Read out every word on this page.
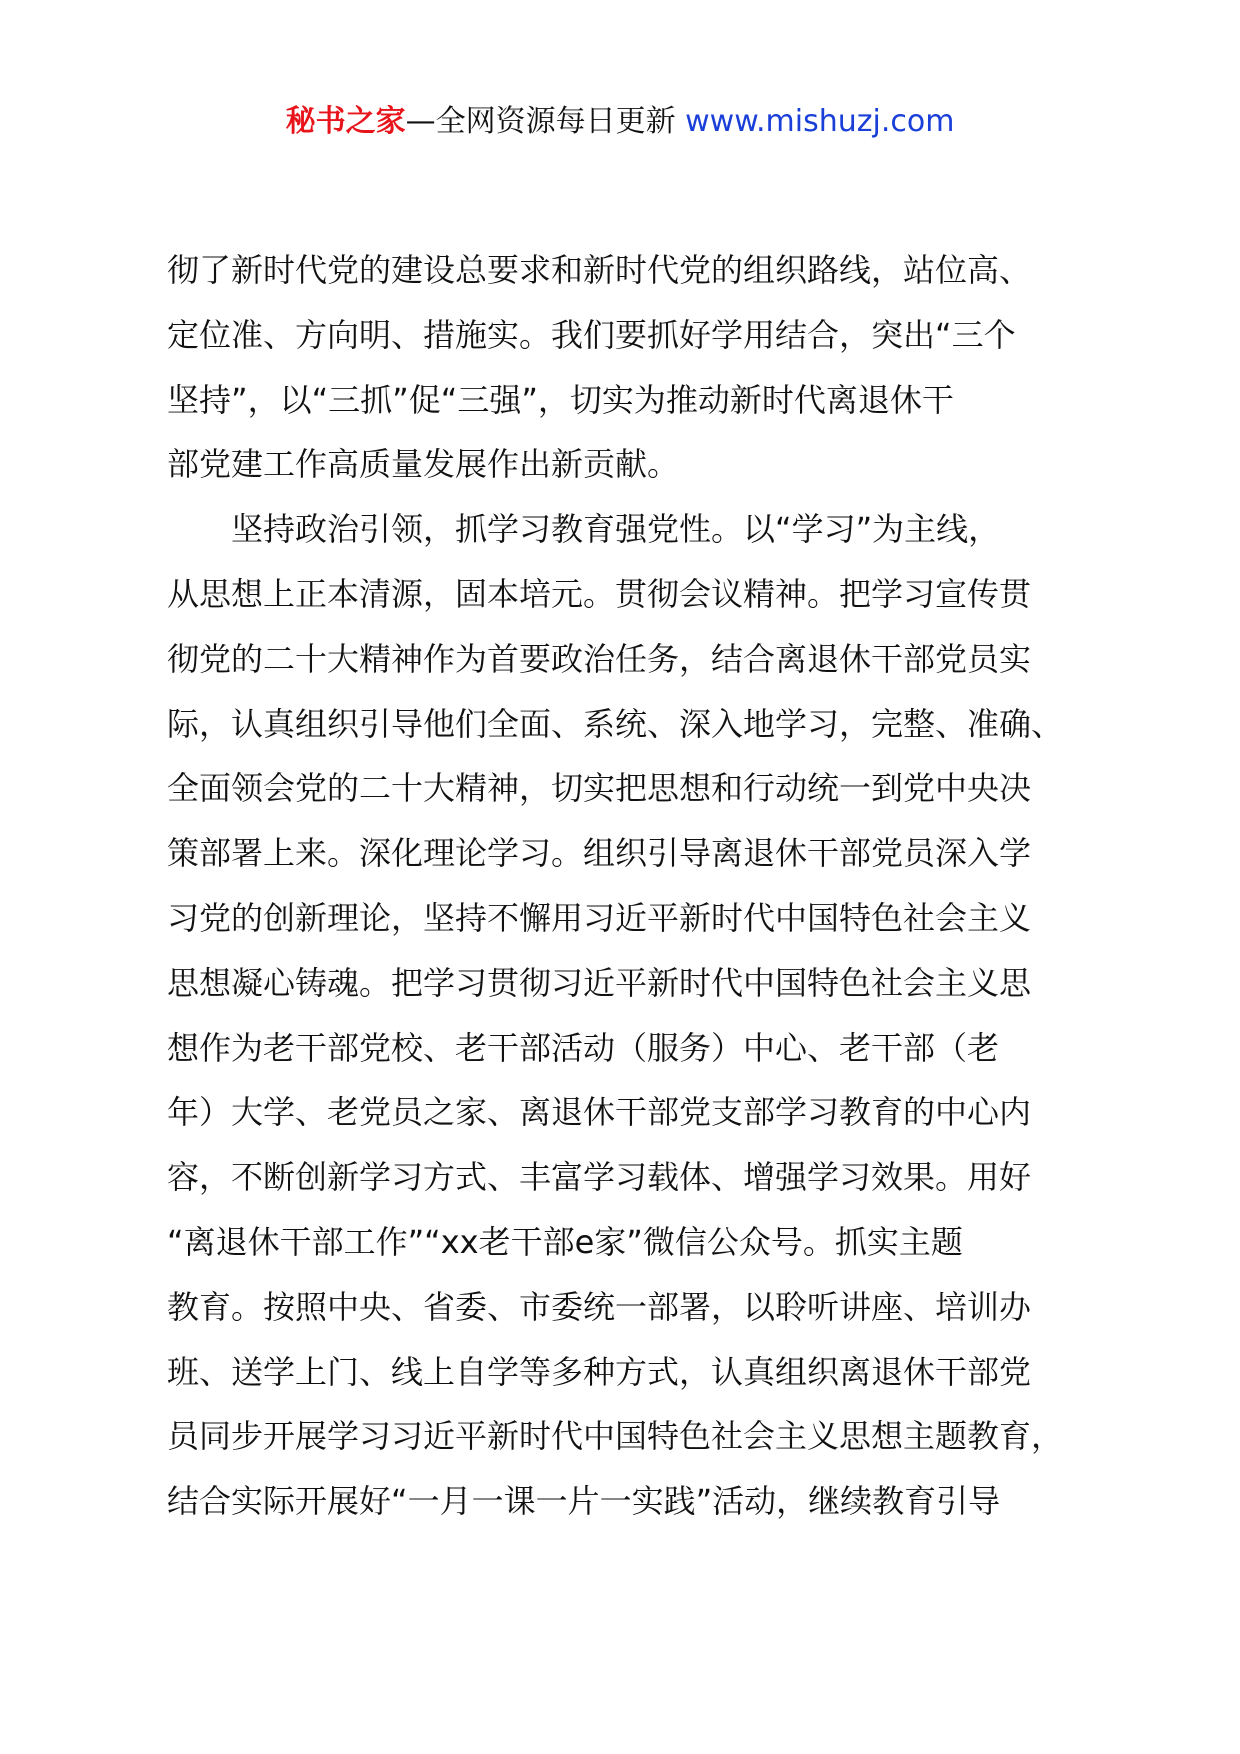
秘书之家—全网资源每日更新 www.mishuzj.com
彻了新时代党的建设总要求和新时代党的组织路线，站位高、
定位准、方向明、措施实。我们要抓好学用结合，突出“三个
坚持”，以“三抓”促“三强”，切实为推动新时代离退休干
部党建工作高质量发展作出新贡献。
坚持政治引领，抓学习教育强党性。以“学习”为主线，
从思想上正本清源，固本培元。贯彻会议精神。把学习宣传贯
彻党的二十大精神作为首要政治任务，结合离退休干部党员实
际，认真组织引导他们全面、系统、深入地学习，完整、准确、
全面领会党的二十大精神，切实把思想和行动统一到党中央决
策部署上来。深化理论学习。组织引导离退休干部党员深入学
习党的创新理论，坚持不懈用习近平新时代中国特色社会主义
思想凝心铸魂。把学习贯彻习近平新时代中国特色社会主义思
想作为老干部党校、老干部活动（服务）中心、老干部（老
年）大学、老党员之家、离退休干部党支部学习教育的中心内
容，不断创新学习方式、丰富学习载体、增强学习效果。用好
“离退休干部工作”“xx老干部e家”微信公众号。抓实主题
教育。按照中央、省委、市委统一部署，以聆听讲座、培训办
班、送学上门、线上自学等多种方式，认真组织离退休干部党
员同步开展学习习近平新时代中国特色社会主义思想主题教育，
结合实际开展好“一月一课一片一实践”活动，继续教育引导
